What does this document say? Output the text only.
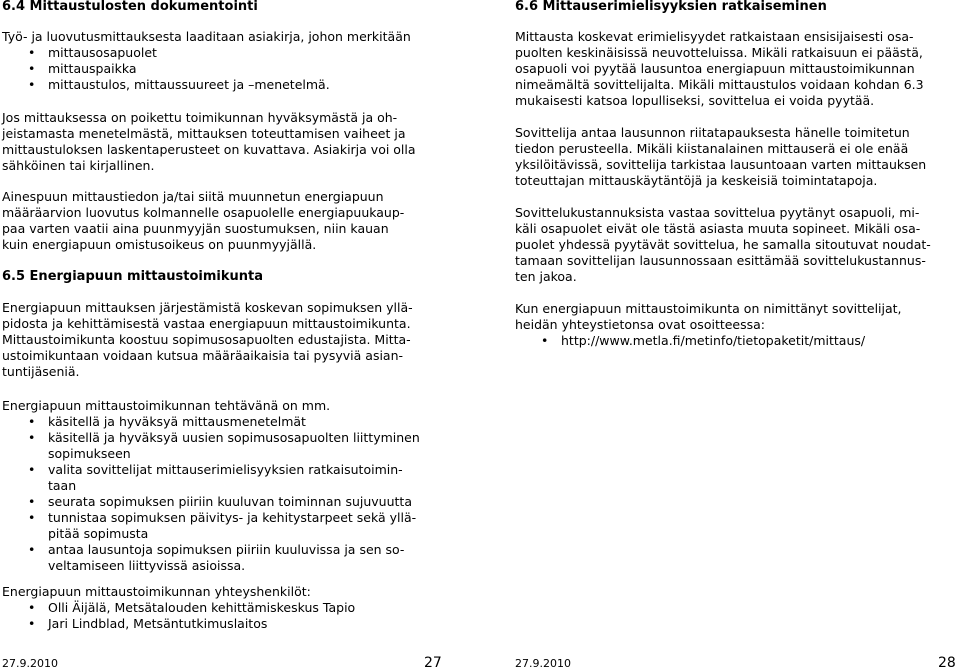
6.4 Mittaustulosten dokumentointi

Työ- ja luovutusmittauksesta laaditaan asiakirja, johon merkitään
• mittausosapuolet
• mittauspaikka
• mittaustulos, mittaussuureet ja –menetelmä.
Jos mittauksessa on poikettu toimikunnan hyväksymästä ja oh-
jeistamasta menetelmästä, mittauksen toteuttamisen vaiheet ja
mittaustuloksen laskentaperusteet on kuvattava. Asiakirja voi olla
sähköinen tai kirjallinen.
Ainespuun mittaustiedon ja/tai siitä muunnetun energiapuun
määräarvion luovutus kolmannelle osapuolelle energiapuukaup-
paa varten vaatii aina puunmyyjän suostumuksen, niin kauan
kuin energiapuun omistusoikeus on puunmyyjällä.

6.5 Energiapuun mittaustoimikunta

Energiapuun mittauksen järjestämistä koskevan sopimuksen yllä-
pidosta ja kehittämisestä vastaa energiapuun mittaustoimikunta.
Mittaustoimikunta koostuu sopimusosapuolten edustajista. Mitta-
ustoimikuntaan voidaan kutsua määräaikaisia tai pysyviä asian-
tuntijäseniä.
Energiapuun mittaustoimikunnan tehtävänä on mm.
• käsitellä ja hyväksyä mittausmenetelmät
• käsitellä ja hyväksyä uusien sopimusosapuolten liittyminen
sopimukseen
• valita sovittelijat mittauserimielisyyksien ratkaisutoimin-
taan
• seurata sopimuksen piiriin kuuluvan toiminnan sujuvuutta
• tunnistaa sopimuksen päivitys- ja kehitystarpeet sekä yllä-
pitää sopimusta
• antaa lausuntoja sopimuksen piiriin kuuluvissa ja sen so-
veltamiseen liittyvissä asioissa.
Energiapuun mittaustoimikunnan yhteyshenkilöt:
• Olli Äijälä, Metsätalouden kehittämiskeskus Tapio
• Jari Lindblad, Metsäntutkimuslaitos
27.9.2010	27

6.6 Mittauserimielisyyksien ratkaiseminen

Mittausta koskevat erimielisyydet ratkaistaan ensisijaisesti osa-
puolten keskinäisissä neuvotteluissa. Mikäli ratkaisuun ei päästä,
osapuoli voi pyytää lausuntoa energiapuun mittaustoimikunnan
nimeämältä sovittelijalta. Mikäli mittaustulos voidaan kohdan 6.3
mukaisesti katsoa lopulliseksi, sovittelua ei voida pyytää.
Sovittelija antaa lausunnon riitatapauksesta hänelle toimitetun
tiedon perusteella. Mikäli kiistanalainen mittauserä ei ole enää
yksilöitävissä, sovittelija tarkistaa lausuntoaan varten mittauksen
toteuttajan mittauskäytäntöjä ja keskeisiä toimintatapoja.
Sovittelukustannuksista vastaa sovittelua pyytänyt osapuoli, mi-
käli osapuolet eivät ole tästä asiasta muuta sopineet. Mikäli osa-
puolet yhdessä pyytävät sovittelua, he samalla sitoutuvat noudat-
tamaan sovittelijan lausunnossaan esittämää sovittelukustannus-
ten jakoa.
Kun energiapuun mittaustoimikunta on nimittänyt sovittelijat,
heidän yhteystietonsa ovat osoitteessa:
• http://www.metla.fi/metinfo/tietopaketit/mittaus/
27.9.2010	28
